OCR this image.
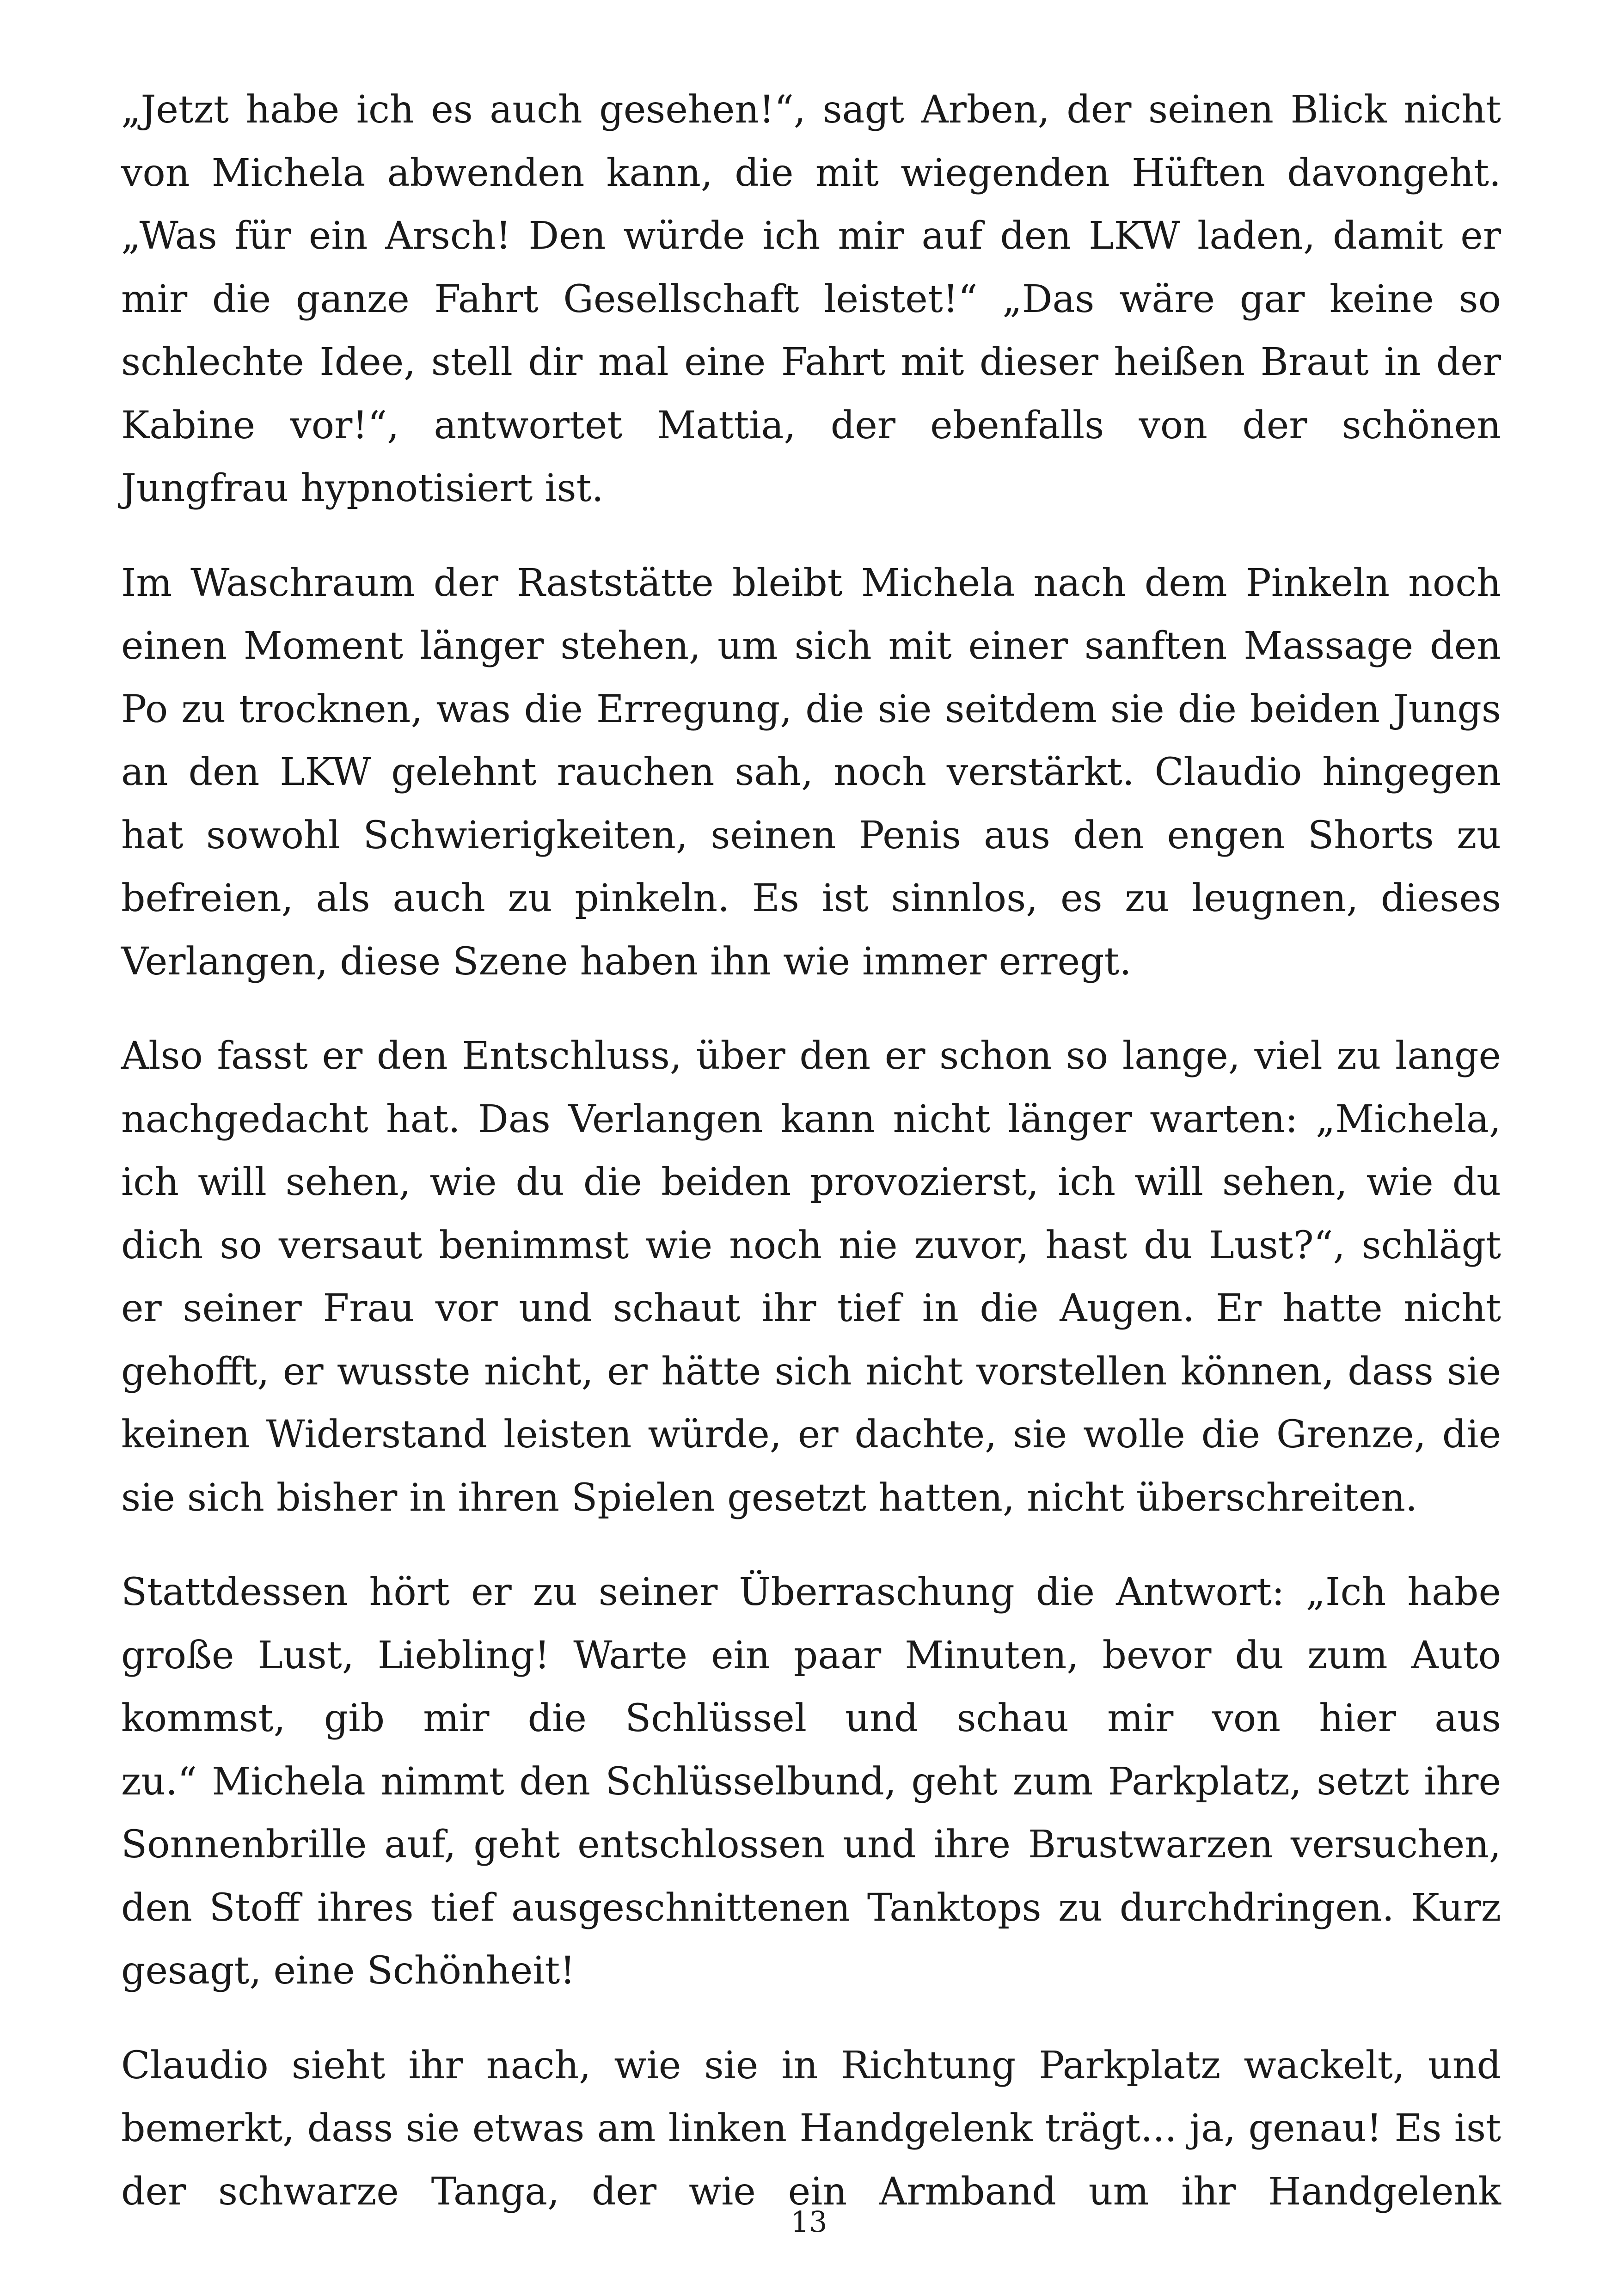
„Jetzt habe ich es auch gesehen!“, sagt Arben, der seinen Blick nicht
von Michela abwenden kann, die mit wiegenden Hüften davongeht.
„Was für ein Arsch! Den würde ich mir auf den LKW laden, damit er
mir die ganze Fahrt Gesellschaft leistet!“ „Das wäre gar keine so
schlechte Idee, stell dir mal eine Fahrt mit dieser heißen Braut in der
Kabine vor!“, antwortet Mattia, der ebenfalls von der schönen
Jungfrau hypnotisiert ist.

Im Waschraum der Raststätte bleibt Michela nach dem Pinkeln noch
einen Moment länger stehen, um sich mit einer sanften Massage den
Po zu trocknen, was die Erregung, die sie seitdem sie die beiden Jungs
an den LKW gelehnt rauchen sah, noch verstärkt. Claudio hingegen
hat sowohl Schwierigkeiten, seinen Penis aus den engen Shorts zu
befreien, als auch zu pinkeln. Es ist sinnlos, es zu leugnen, dieses
Verlangen, diese Szene haben ihn wie immer erregt.

Also fasst er den Entschluss, über den er schon so lange, viel zu lange
nachgedacht hat. Das Verlangen kann nicht länger warten: „Michela,
ich will sehen, wie du die beiden provozierst, ich will sehen, wie du
dich so versaut benimmst wie noch nie zuvor, hast du Lust?“, schlägt
er seiner Frau vor und schaut ihr tief in die Augen. Er hatte nicht
gehofft, er wusste nicht, er hätte sich nicht vorstellen können, dass sie
keinen Widerstand leisten würde, er dachte, sie wolle die Grenze, die
sie sich bisher in ihren Spielen gesetzt hatten, nicht überschreiten.

Stattdessen hört er zu seiner Überraschung die Antwort: „Ich habe
große Lust, Liebling! Warte ein paar Minuten, bevor du zum Auto
kommst, gib mir die Schlüssel und schau mir von hier aus
zu.“ Michela nimmt den Schlüsselbund, geht zum Parkplatz, setzt ihre
Sonnenbrille auf, geht entschlossen und ihre Brustwarzen versuchen,
den Stoff ihres tief ausgeschnittenen Tanktops zu durchdringen. Kurz
gesagt, eine Schönheit!

Claudio sieht ihr nach, wie sie in Richtung Parkplatz wackelt, und
bemerkt, dass sie etwas am linken Handgelenk trägt... ja, genau! Es ist
der schwarze Tanga, der wie ein Armband um ihr Handgelenk

13
